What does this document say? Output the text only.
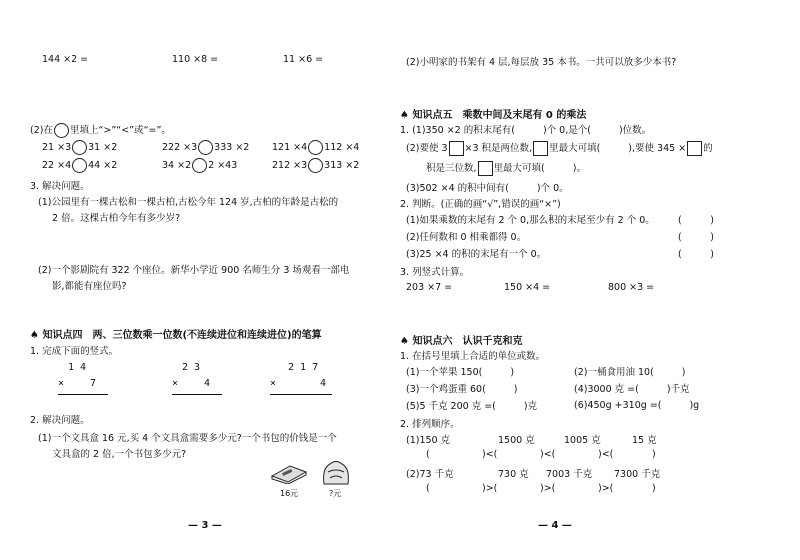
144 ×2 =	110 ×8 =	11 ×6 =
(2)在 里填上“>”“<”或“=”。
21 ×3 31 ×2	222 ×3 333 ×2 121 ×4 112 ×4
22 ×4 44 ×2	34 ×2 2 ×43	212 ×3 313 ×2
3. 解决问题。
(1)公园里有一棵古松和一棵古柏,古松今年 124 岁,古柏的年龄是古松的
2 倍。这棵古柏今年有多少岁?
(2)一个影剧院有 322 个座位。新华小学近 900 名师生分 3 场观看一部电
影,都能有座位吗?
♠ 知识点四　两、三位数乘一位数(不连续进位和连续进位)的笔算
1. 完成下面的竖式。
1 4
×	7
2 3
×	4
2 1 7
×	4
2. 解决问题。
(1)一个文具盒 16 元,买 4 个文具盒需要多少元?一个书包的价钱是一个
文具盒的 2 倍,一个书包多少元?
16元	?元
— 3 —
(2)小明家的书架有 4 层,每层放 35 本书。一共可以放多少本书?
♠ 知识点五　乘数中间及末尾有 0 的乘法
1. (1)350 ×2 的积末尾有(	)个 0,是个(	)位数。
(2)要使 3 ×3 积是两位数, 里最大可填(	),要使 345 × 的
积是三位数, 里最大可填(	)。
(3)502 ×4 的积中间有(	)个 0。
2. 判断。(正确的画“√”,错误的画“×”)
(1)如果乘数的末尾有 2 个 0,那么积的末尾至少有 2 个 0。 (　　　)
(2)任何数和 0 相乘都得 0。	(　　　)
(3)25 ×4 的积的末尾有一个 0。	(　　　)
3. 列竖式计算。
203 ×7 =	150 ×4 =	800 ×3 =
♠ 知识点六　认识千克和克
1. 在括号里填上合适的单位或数。
(1)一个苹果 150(	)	(2)一桶食用油 10(	)
(3)一个鸡蛋重 60(	)	(4)3000 克 =(	)千克
(5)5 千克 200 克 =(	)克	(6)450g +310g =(	)g
2. 排列顺序。
(1)150 克	1500 克	1005 克	15 克
(	)<(	)<(	)<(	)
(2)73 千克	730 克 7003 千克 7300 千克
(	)>(	)>(	)>(	)
— 4 —
